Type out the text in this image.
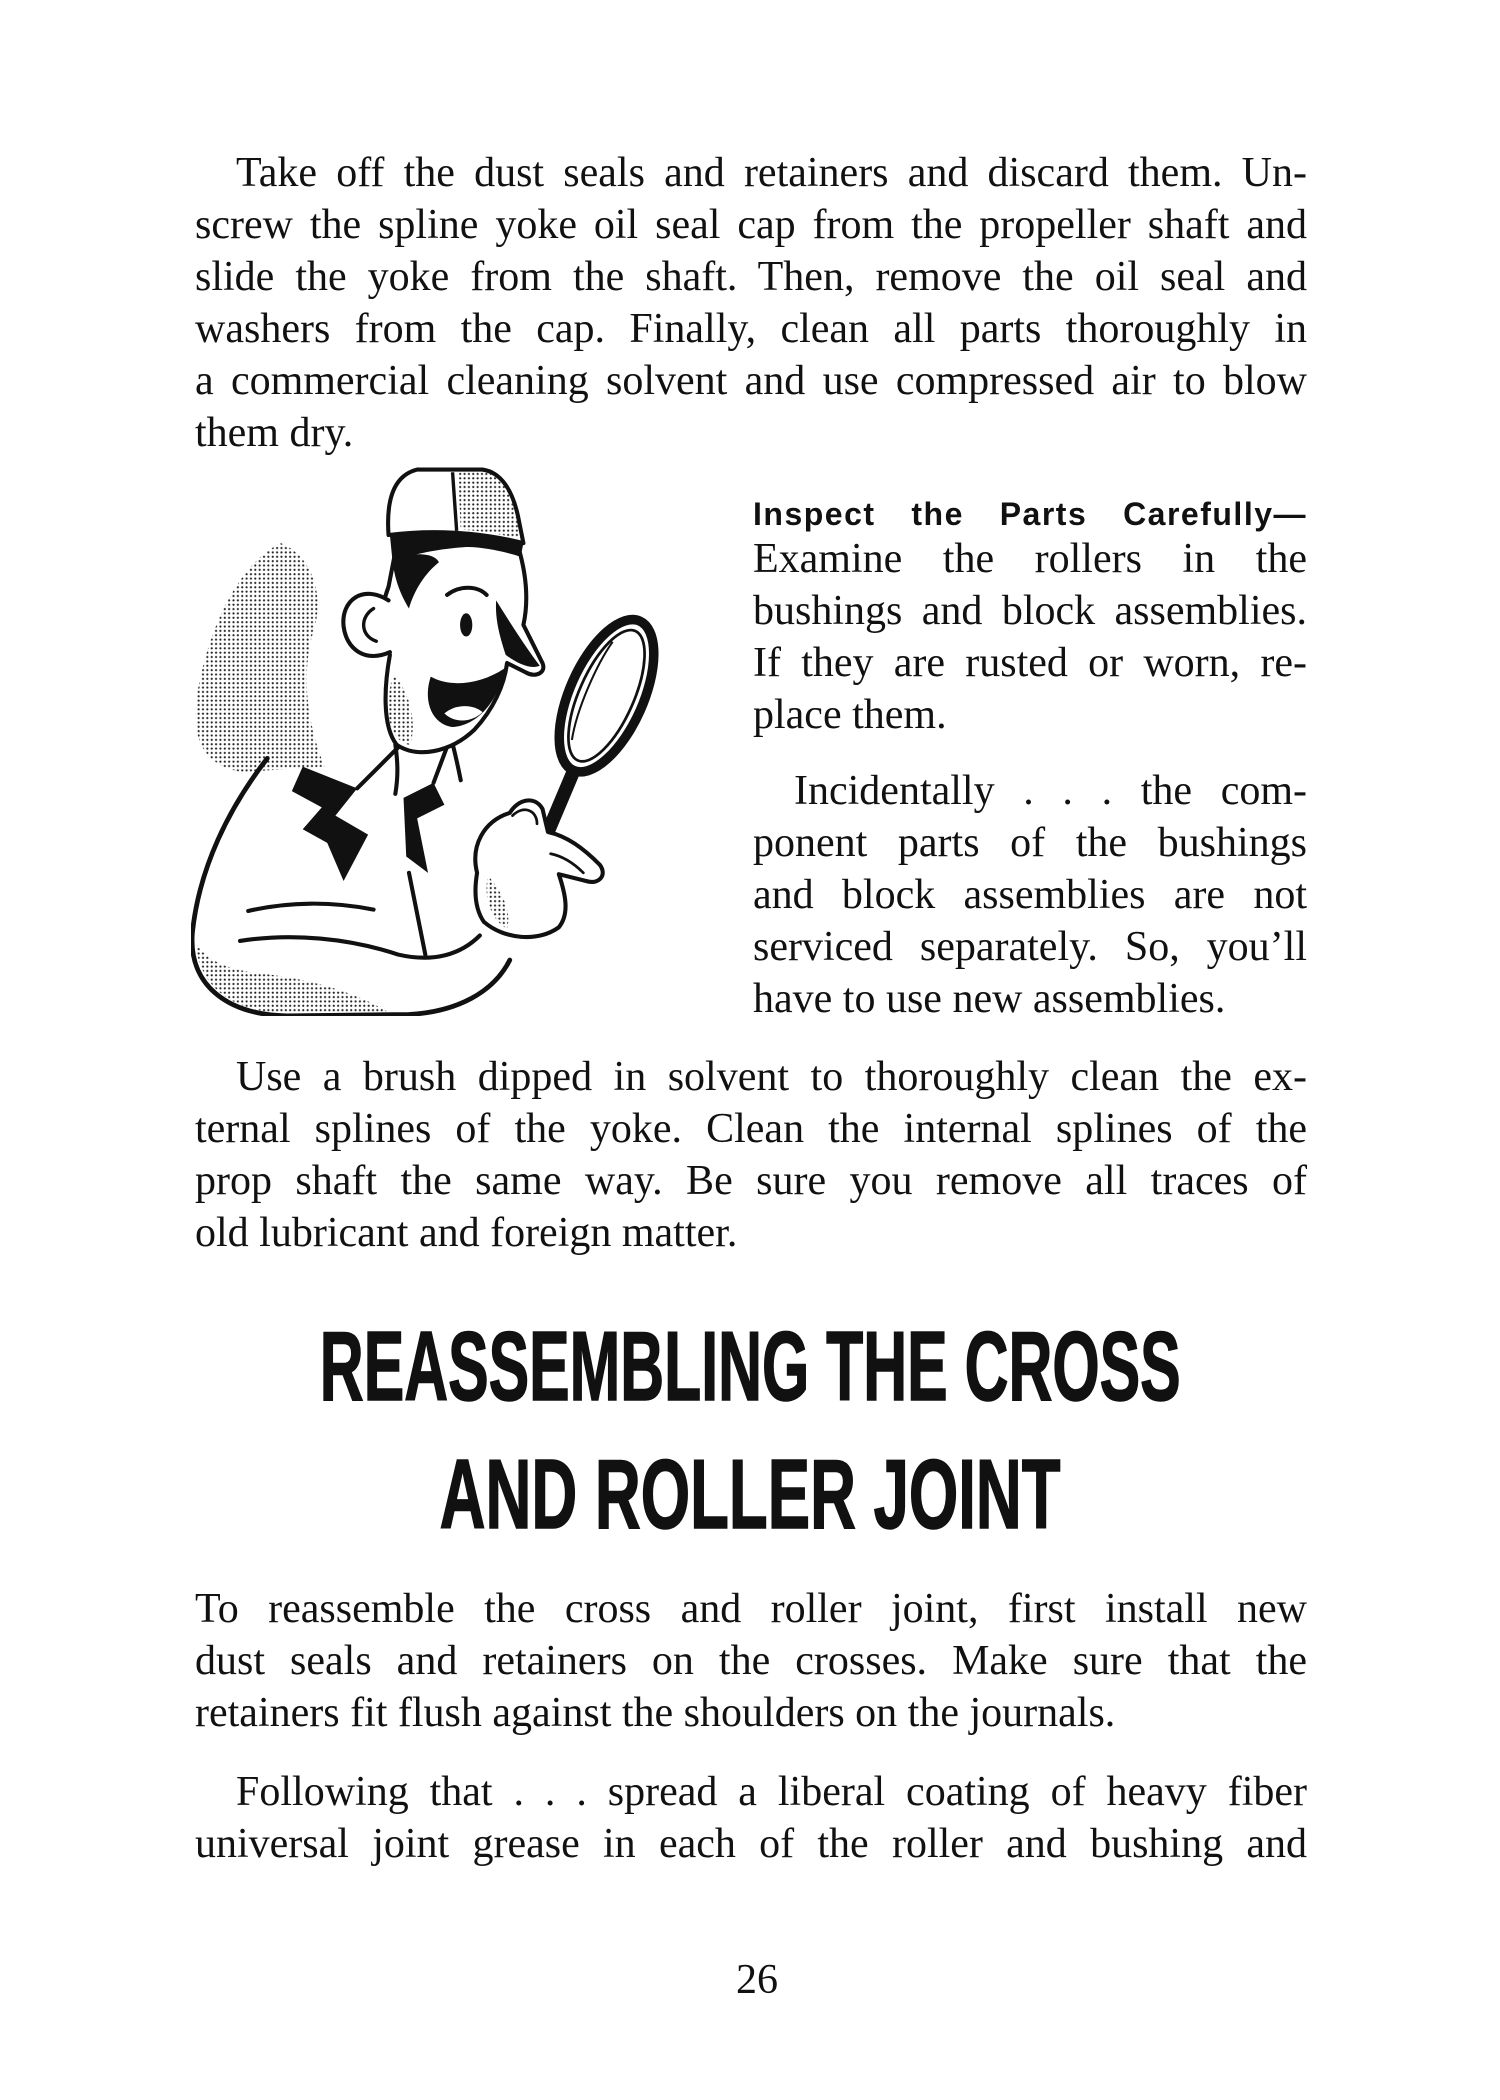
Take off the dust seals and retainers and discard them. Un-
screw the spline yoke oil seal cap from the propeller shaft and
slide the yoke from the shaft. Then, remove the oil seal and
washers from the cap. Finally, clean all parts thoroughly in
a commercial cleaning solvent and use compressed air to blow
them dry.
Inspect the Parts Carefully—
Examine the rollers in the
bushings and block assemblies.
If they are rusted or worn, re-
place them.
Incidentally . . . the com-
ponent parts of the bushings
and block assemblies are not
serviced separately. So, you’ll
have to use new assemblies.
Use a brush dipped in solvent to thoroughly clean the ex-
ternal splines of the yoke. Clean the internal splines of the
prop shaft the same way. Be sure you remove all traces of
old lubricant and foreign matter.
REASSEMBLING THE CROSS
AND ROLLER JOINT
To reassemble the cross and roller joint, first install new
dust seals and retainers on the crosses. Make sure that the
retainers fit flush against the shoulders on the journals.
Following that . . . spread a liberal coating of heavy fiber
universal joint grease in each of the roller and bushing and
26
